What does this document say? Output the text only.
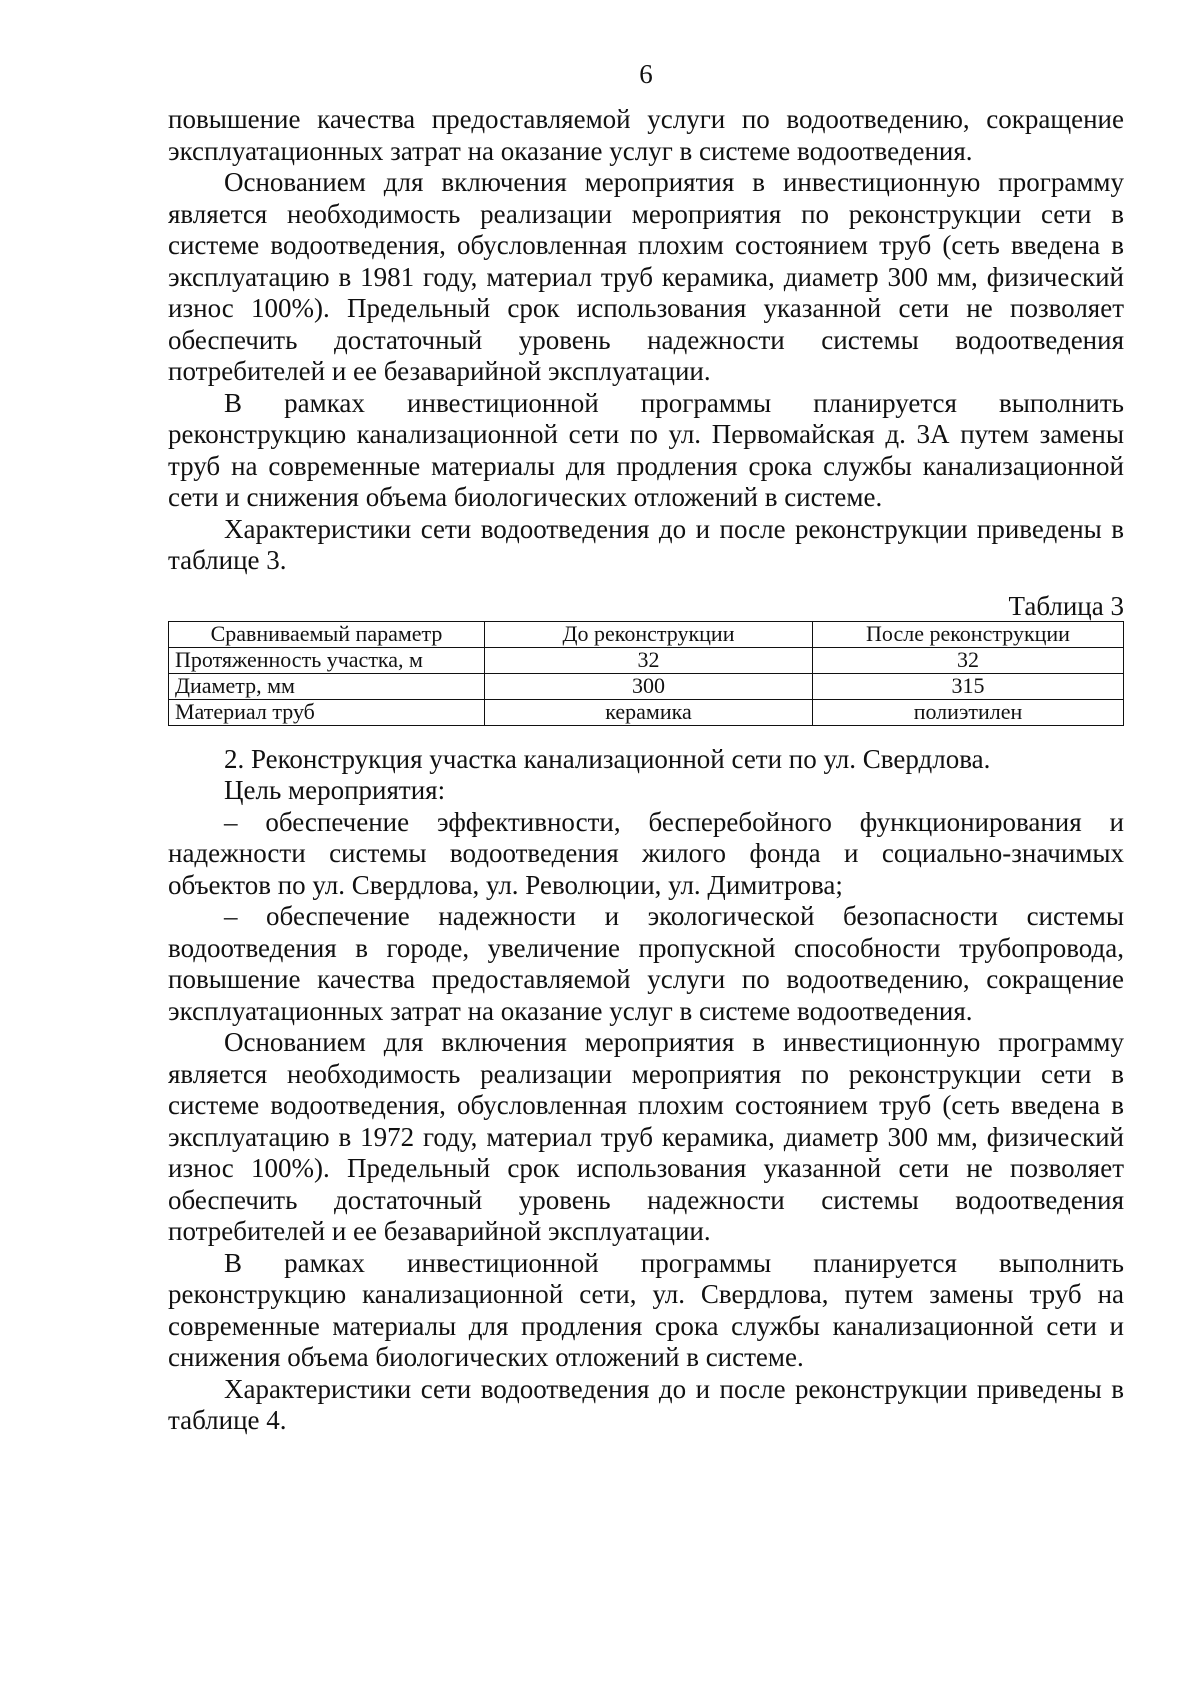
6

повышение качества предоставляемой услуги по водоотведению, сокращение эксплуатационных затрат на оказание услуг в системе водоотведения.

Основанием для включения мероприятия в инвестиционную программу является необходимость реализации мероприятия по реконструкции сети в системе водоотведения, обусловленная плохим состоянием труб (сеть введена в эксплуатацию в 1981 году, материал труб керамика, диаметр 300 мм, физический износ 100%). Предельный срок использования указанной сети не позволяет обеспечить достаточный уровень надежности системы водоотведения потребителей и ее безаварийной эксплуатации.

В рамках инвестиционной программы планируется выполнить реконструкцию канализационной сети по ул. Первомайская д. 3А путем замены труб на современные материалы для продления срока службы канализационной сети и снижения объема биологических отложений в системе.

Характеристики сети водоотведения до и после реконструкции приведены в таблице 3.

Таблица 3
Сравниваемый параметр	До реконструкции	После реконструкции
Протяженность участка, м	32	32
Диаметр, мм	300	315
Материал труб	керамика	полиэтилен

2. Реконструкция участка канализационной сети по ул. Свердлова.

Цель мероприятия:

– обеспечение эффективности, бесперебойного функционирования и надежности системы водоотведения жилого фонда и социально-значимых объектов по ул. Свердлова, ул. Революции, ул. Димитрова;

– обеспечение надежности и экологической безопасности системы водоотведения в городе, увеличение пропускной способности трубопровода, повышение качества предоставляемой услуги по водоотведению, сокращение эксплуатационных затрат на оказание услуг в системе водоотведения.

Основанием для включения мероприятия в инвестиционную программу является необходимость реализации мероприятия по реконструкции сети в системе водоотведения, обусловленная плохим состоянием труб (сеть введена в эксплуатацию в 1972 году, материал труб керамика, диаметр 300 мм, физический износ 100%). Предельный срок использования указанной сети не позволяет обеспечить достаточный уровень надежности системы водоотведения потребителей и ее безаварийной эксплуатации.

В рамках инвестиционной программы планируется выполнить реконструкцию канализационной сети, ул. Свердлова, путем замены труб на современные материалы для продления срока службы канализационной сети и снижения объема биологических отложений в системе.

Характеристики сети водоотведения до и после реконструкции приведены в таблице 4.
